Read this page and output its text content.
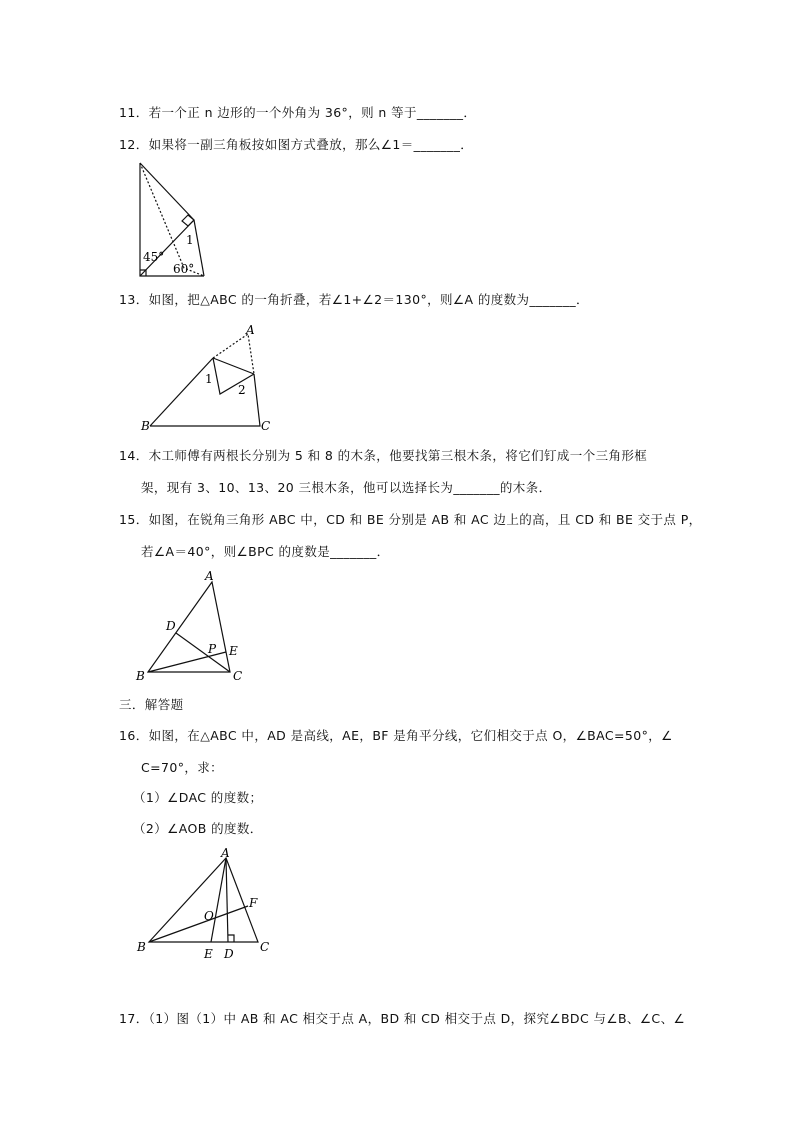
11．若一个正 n 边形的一个外角为 36°，则 n 等于_______．
12．如果将一副三角板按如图方式叠放，那么∠1＝_______．
1
45°
60°
13．如图，把△ABC 的一角折叠，若∠1+∠2＝130°，则∠A 的度数为_______．
A
B	C
1
2
14．木工师傅有两根长分别为 5 和 8 的木条，他要找第三根木条，将它们钉成一个三角形框
架，现有 3、10、13、20 三根木条，他可以选择长为_______的木条．
15．如图，在锐角三角形 ABC 中，CD 和 BE 分别是 AB 和 AC 边上的高，且 CD 和 BE 交于点 P，
若∠A＝40°，则∠BPC 的度数是_______．
A
B	C
D
E
P
三．解答题
16．如图，在△ABC 中，AD 是高线，AE，BF 是角平分线，它们相交于点 O，∠BAC=50°，∠
C=70°，求：
（1）∠DAC 的度数；
（2）∠AOB 的度数．
A
B	C
D
E
F
O
17．（1）图（1）中 AB 和 AC 相交于点 A，BD 和 CD 相交于点 D，探究∠BDC 与∠B、∠C、∠
